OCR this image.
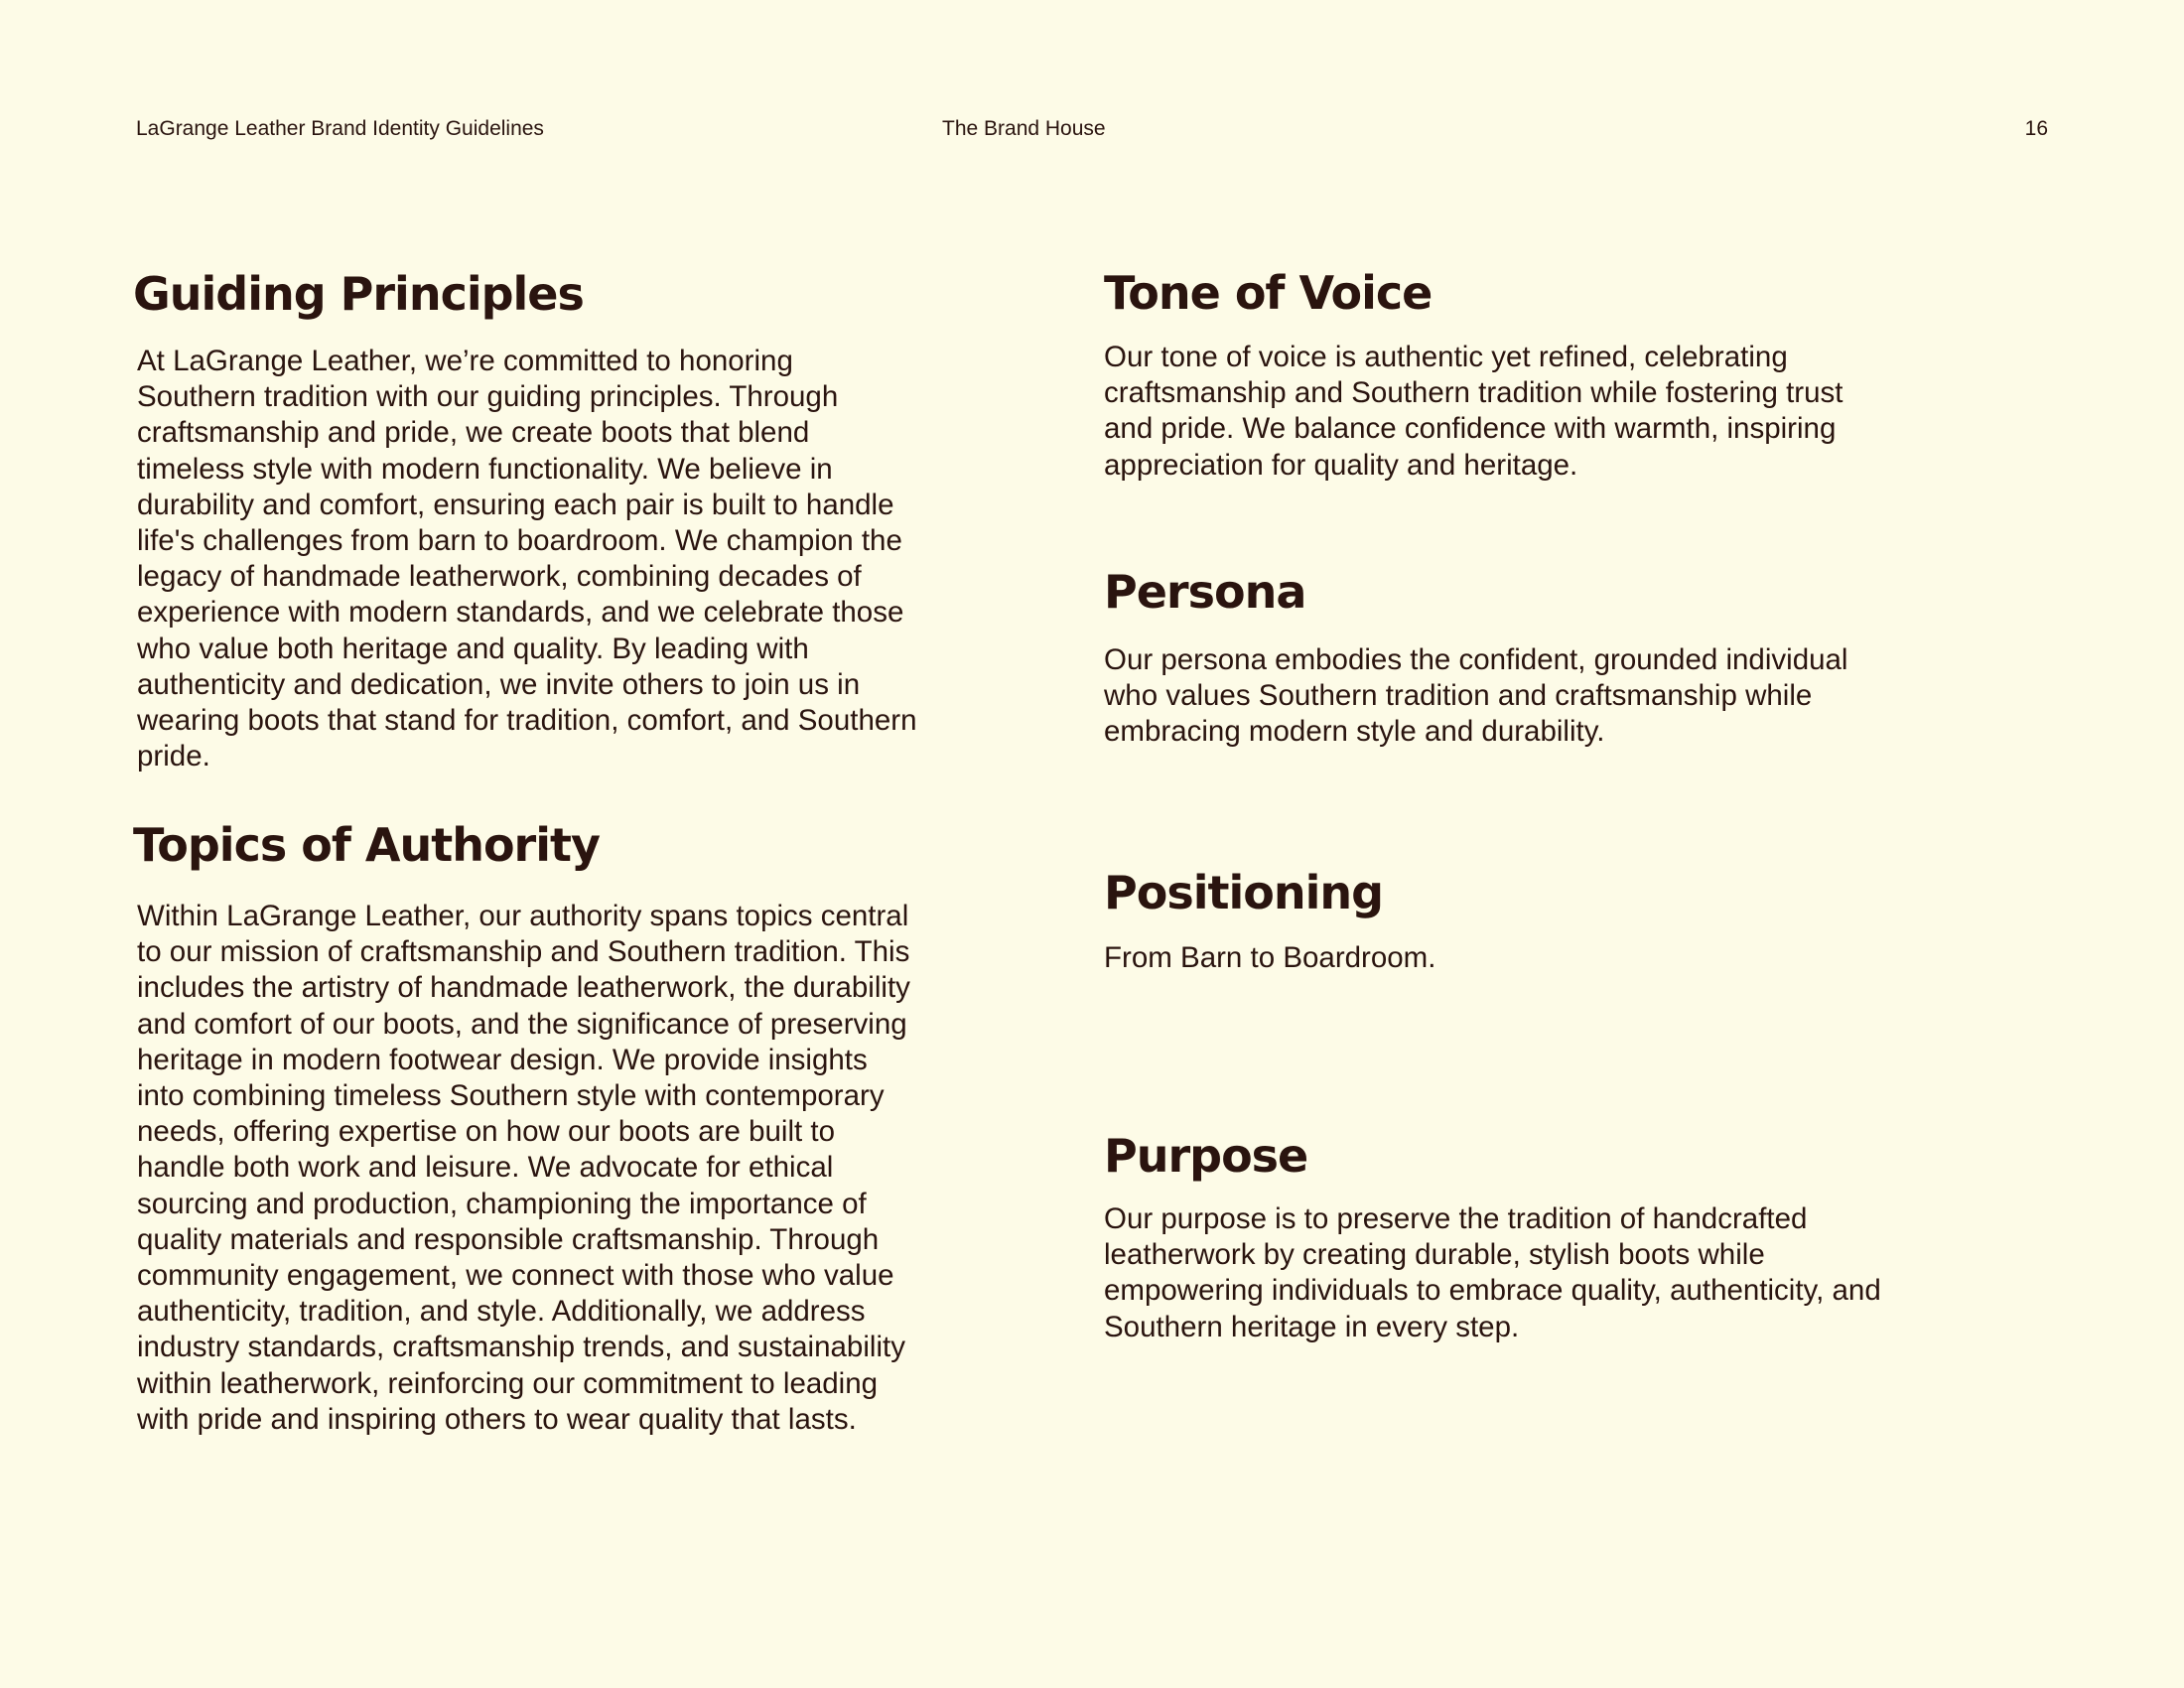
LaGrange Leather Brand Identity Guidelines	The Brand House	16
Guiding Principles

At LaGrange Leather, we’re committed to honoring Southern tradition with our guiding principles. Through craftsmanship and pride, we create boots that blend timeless style with modern functionality. We believe in durability and comfort, ensuring each pair is built to handle life's challenges from barn to boardroom. We champion the legacy of handmade leatherwork, combining decades of experience with modern standards, and we celebrate those who value both heritage and quality. By leading with authenticity and dedication, we invite others to join us in wearing boots that stand for tradition, comfort, and Southern pride.

Topics of Authority

Within LaGrange Leather, our authority spans topics central to our mission of craftsmanship and Southern tradition. This includes the artistry of handmade leatherwork, the durability and comfort of our boots, and the significance of preserving heritage in modern footwear design. We provide insights into combining timeless Southern style with contemporary needs, offering expertise on how our boots are built to handle both work and leisure. We advocate for ethical sourcing and production, championing the importance of quality materials and responsible craftsmanship. Through community engagement, we connect with those who value authenticity, tradition, and style. Additionally, we address industry standards, craftsmanship trends, and sustainability within leatherwork, reinforcing our commitment to leading with pride and inspiring others to wear quality that lasts.

Tone of Voice

Our tone of voice is authentic yet refined, celebrating craftsmanship and Southern tradition while fostering trust and pride. We balance confidence with warmth, inspiring appreciation for quality and heritage.

Persona

Our persona embodies the confident, grounded individual who values Southern tradition and craftsmanship while embracing modern style and durability.

Positioning

From Barn to Boardroom.

Purpose

Our purpose is to preserve the tradition of handcrafted leatherwork by creating durable, stylish boots while empowering individuals to embrace quality, authenticity, and Southern heritage in every step.
